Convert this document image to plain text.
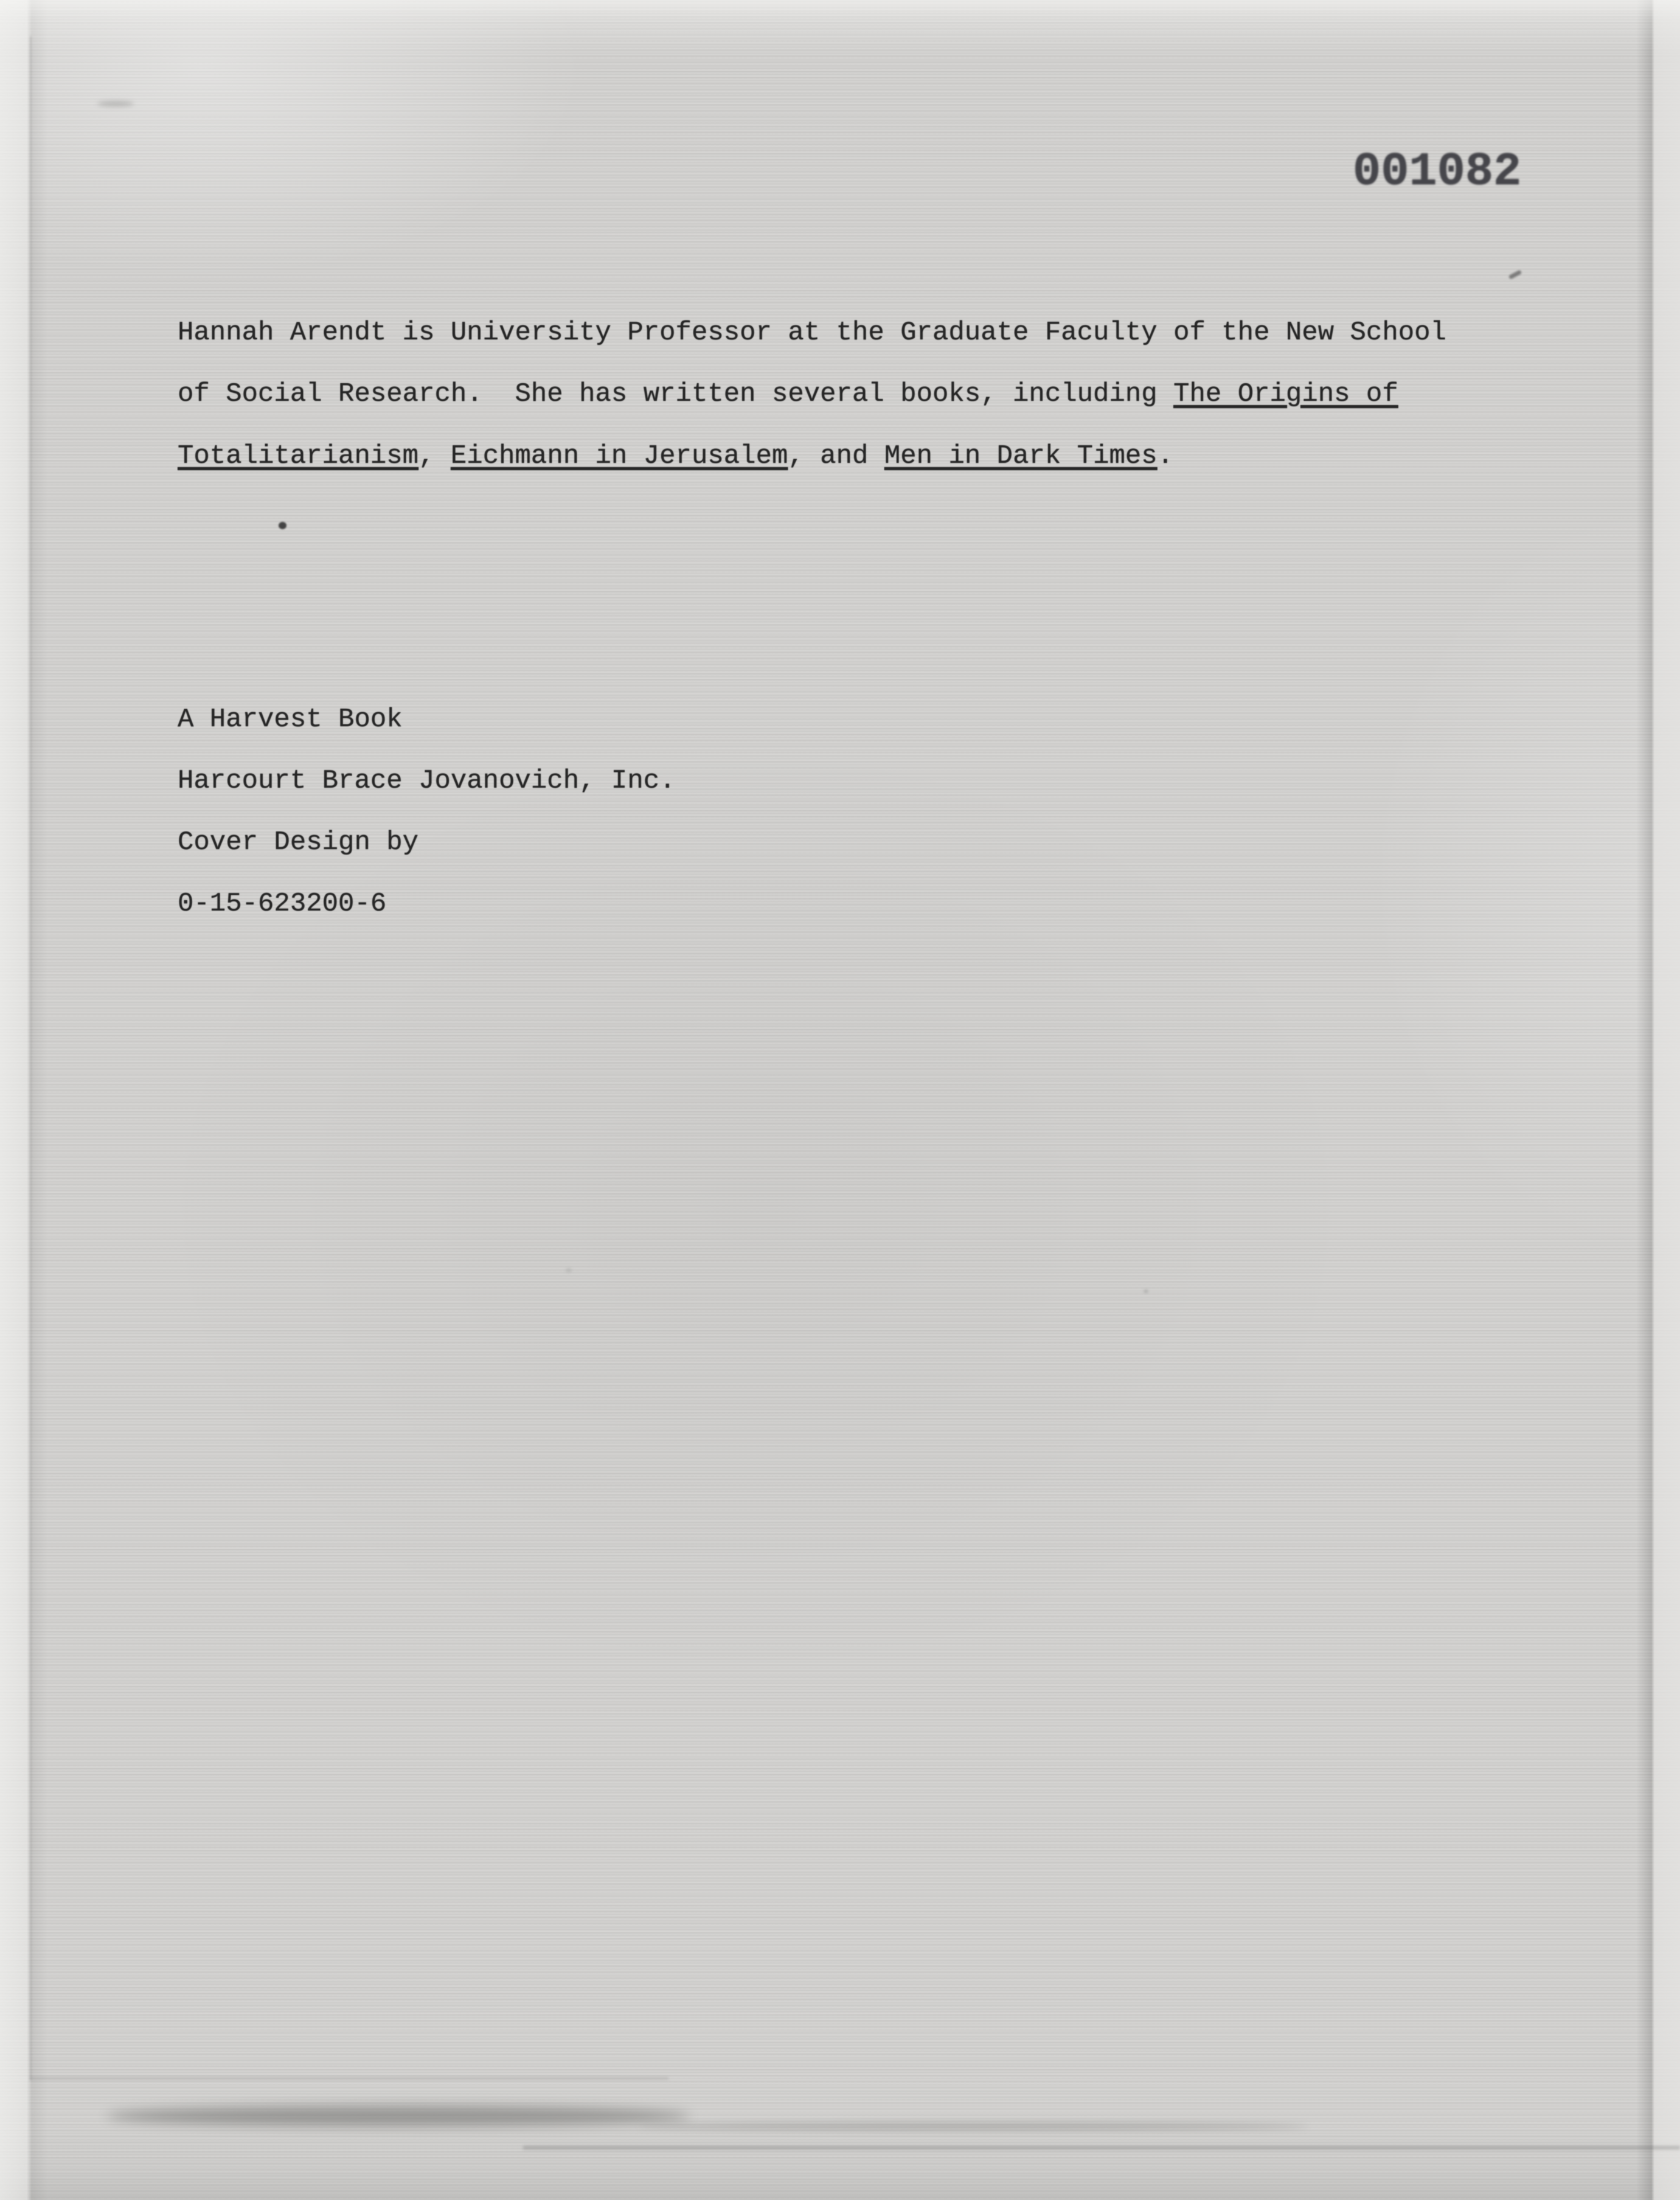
001082
Hannah Arendt is University Professor at the Graduate Faculty of the New School
of Social Research.  She has written several books, including The Origins of
Totalitarianism, Eichmann in Jerusalem, and Men in Dark Times.
A Harvest Book
Harcourt Brace Jovanovich, Inc.
Cover Design by
0-15-623200-6
